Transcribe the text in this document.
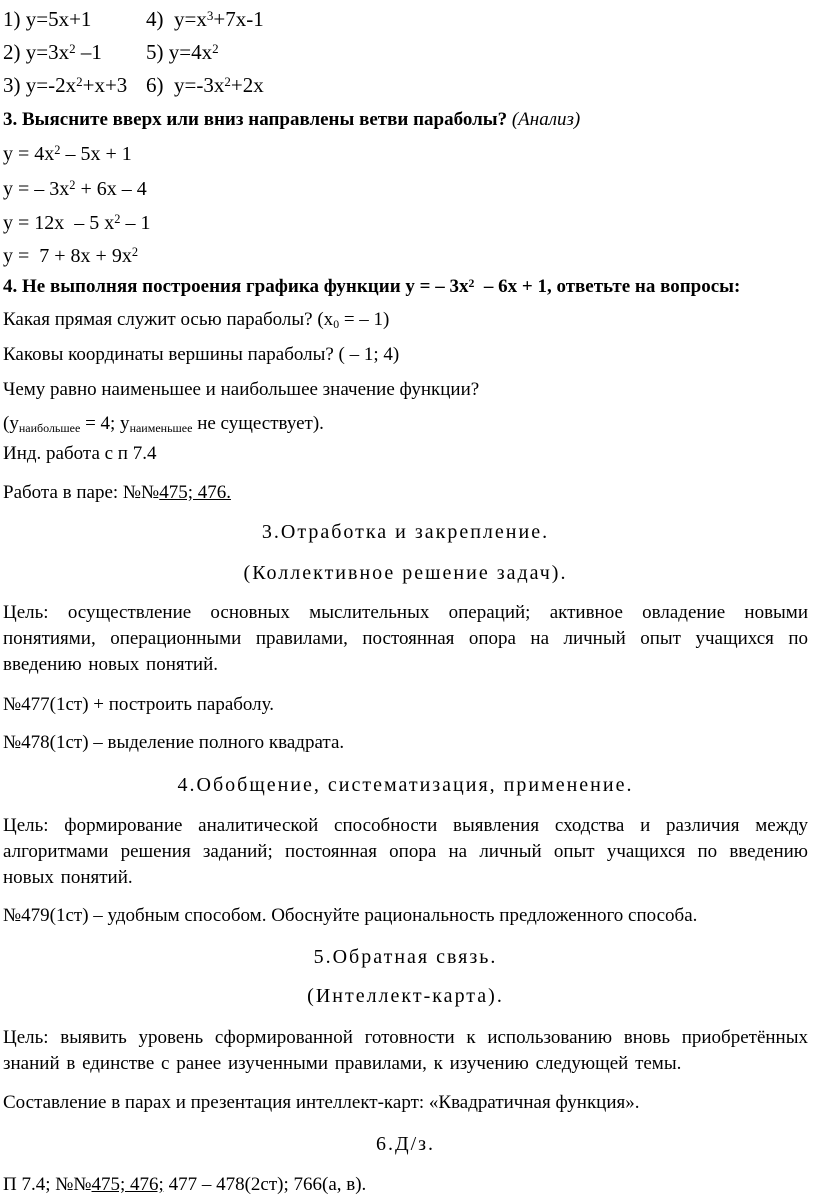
1) y=5x+1	4)  $y=x^3+7x-1$
2) $y=3x^2$ –1	5) $y=4x^2$
3) $y=-2x^2+x+3$ 6)  $y=-3x^2+2x$

3. Выясните вверх или вниз направлены ветви параболы? (Анализ)

$y = 4x^2 - 5x + 1$

y = – $3x^2 + 6x - 4$

y = 12x  – 5 $x^2 - 1$

$y = 7 + 8x + 9x^2$

4. Не выполняя построения графика функции y = – $3x^2 - 6x + 1$, ответьте на вопросы:

Какая прямая служит осью параболы? ($x_0$ = – 1)

Каковы координаты вершины параболы? ( – 1; 4)

Чему равно наименьшее и наибольшее значение функции?

(унаибольшее = 4; унаименьшее не существует).

Инд. работа с п 7.4

Работа в паре: №№475; 476.

3.Отработка и закрепление.

(Коллективное решение задач).

Цель: осуществление основных мыслительных операций; активное овладение новыми понятиями, операционными правилами, постоянная опора на личный опыт учащихся по введению новых понятий.

№477(1ст) + построить параболу.

№478(1ст) – выделение полного квадрата.

4.Обобщение, систематизация, применение.

Цель: формирование аналитической способности выявления сходства и различия между алгоритмами решения заданий; постоянная опора на личный опыт учащихся по введению новых понятий.

№479(1ст) – удобным способом. Обоснуйте рациональность предложенного способа.

5.Обратная связь.

(Интеллект-карта).

Цель: выявить уровень сформированной готовности к использованию вновь приобретённых знаний в единстве с ранее изученными правилами, к изучению следующей темы.

Составление в парах и презентация интеллект-карт: «Квадратичная функция».

6.Д/з.

П 7.4; №№475; 476; 477 – 478(2ст); 766(а, в).
